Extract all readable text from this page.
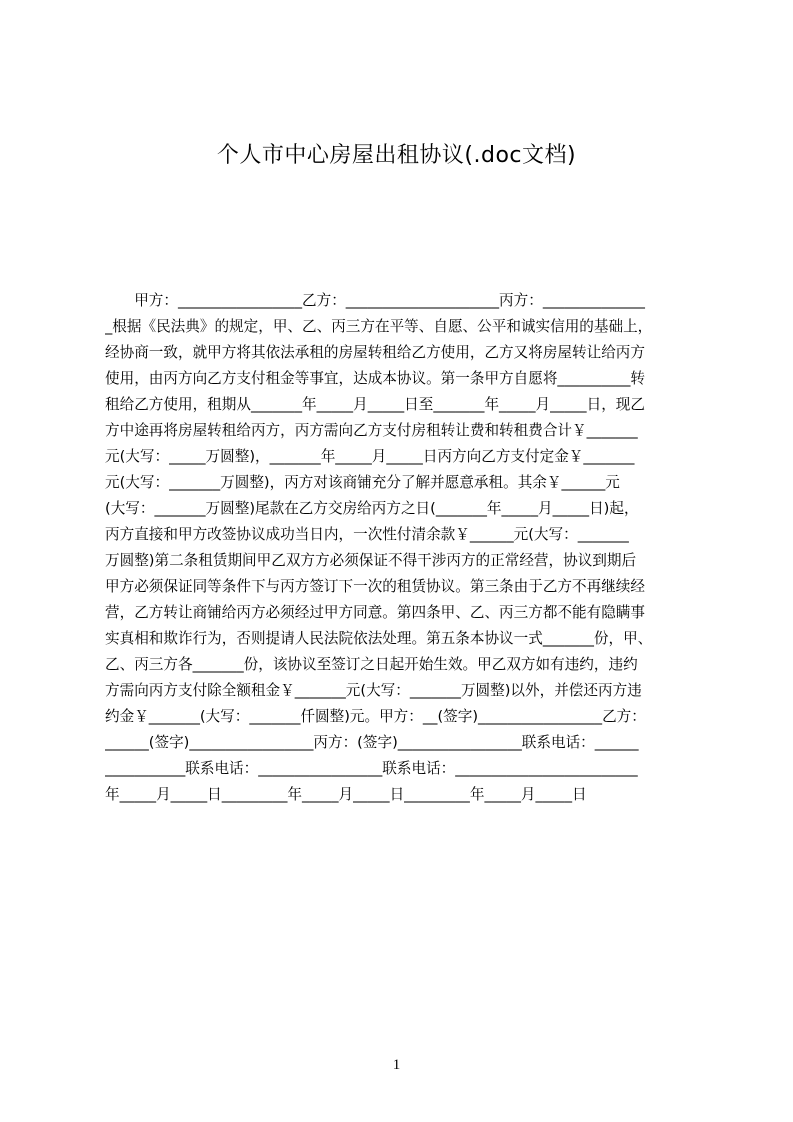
个人市中心房屋出租协议(.doc文档)
　　甲方：_________________乙方：_____________________丙方：______________
_根据《民法典》的规定，甲、乙、丙三方在平等、自愿、公平和诚实信用的基础上，
经协商一致，就甲方将其依法承租的房屋转租给乙方使用，乙方又将房屋转让给丙方
使用，由丙方向乙方支付租金等事宜，达成本协议。第一条甲方自愿将__________转
租给乙方使用，租期从_______年_____月_____日至_______年_____月_____日，现乙
方中途再将房屋转租给丙方，丙方需向乙方支付房租转让费和转租费合计￥_______
元(大写：_____万圆整)，_______年_____月_____日丙方向乙方支付定金￥_______
元(大写：_______万圆整)，丙方对该商铺充分了解并愿意承租。其余￥______元
(大写：_______万圆整)尾款在乙方交房给丙方之日(_______年_____月_____日)起，
丙方直接和甲方改签协议成功当日内，一次性付清余款￥______元(大写：_______
万圆整)第二条租赁期间甲乙双方方必须保证不得干涉丙方的正常经营，协议到期后
甲方必须保证同等条件下与丙方签订下一次的租赁协议。第三条由于乙方不再继续经
营，乙方转让商铺给丙方必须经过甲方同意。第四条甲、乙、丙三方都不能有隐瞒事
实真相和欺诈行为，否则提请人民法院依法处理。第五条本协议一式_______份，甲、
乙、丙三方各_______份，该协议至签订之日起开始生效。甲乙双方如有违约，违约
方需向丙方支付除全额租金￥_______元(大写：_______万圆整)以外，并偿还丙方违
约金￥_______(大写：_______仟圆整)元。甲方：__(签字)_________________乙方：
______(签字)_________________丙方：(签字)_________________联系电话：______
___________联系电话：_________________联系电话：_________________________
年_____月_____日_________年_____月_____日_________年_____月_____日
1
